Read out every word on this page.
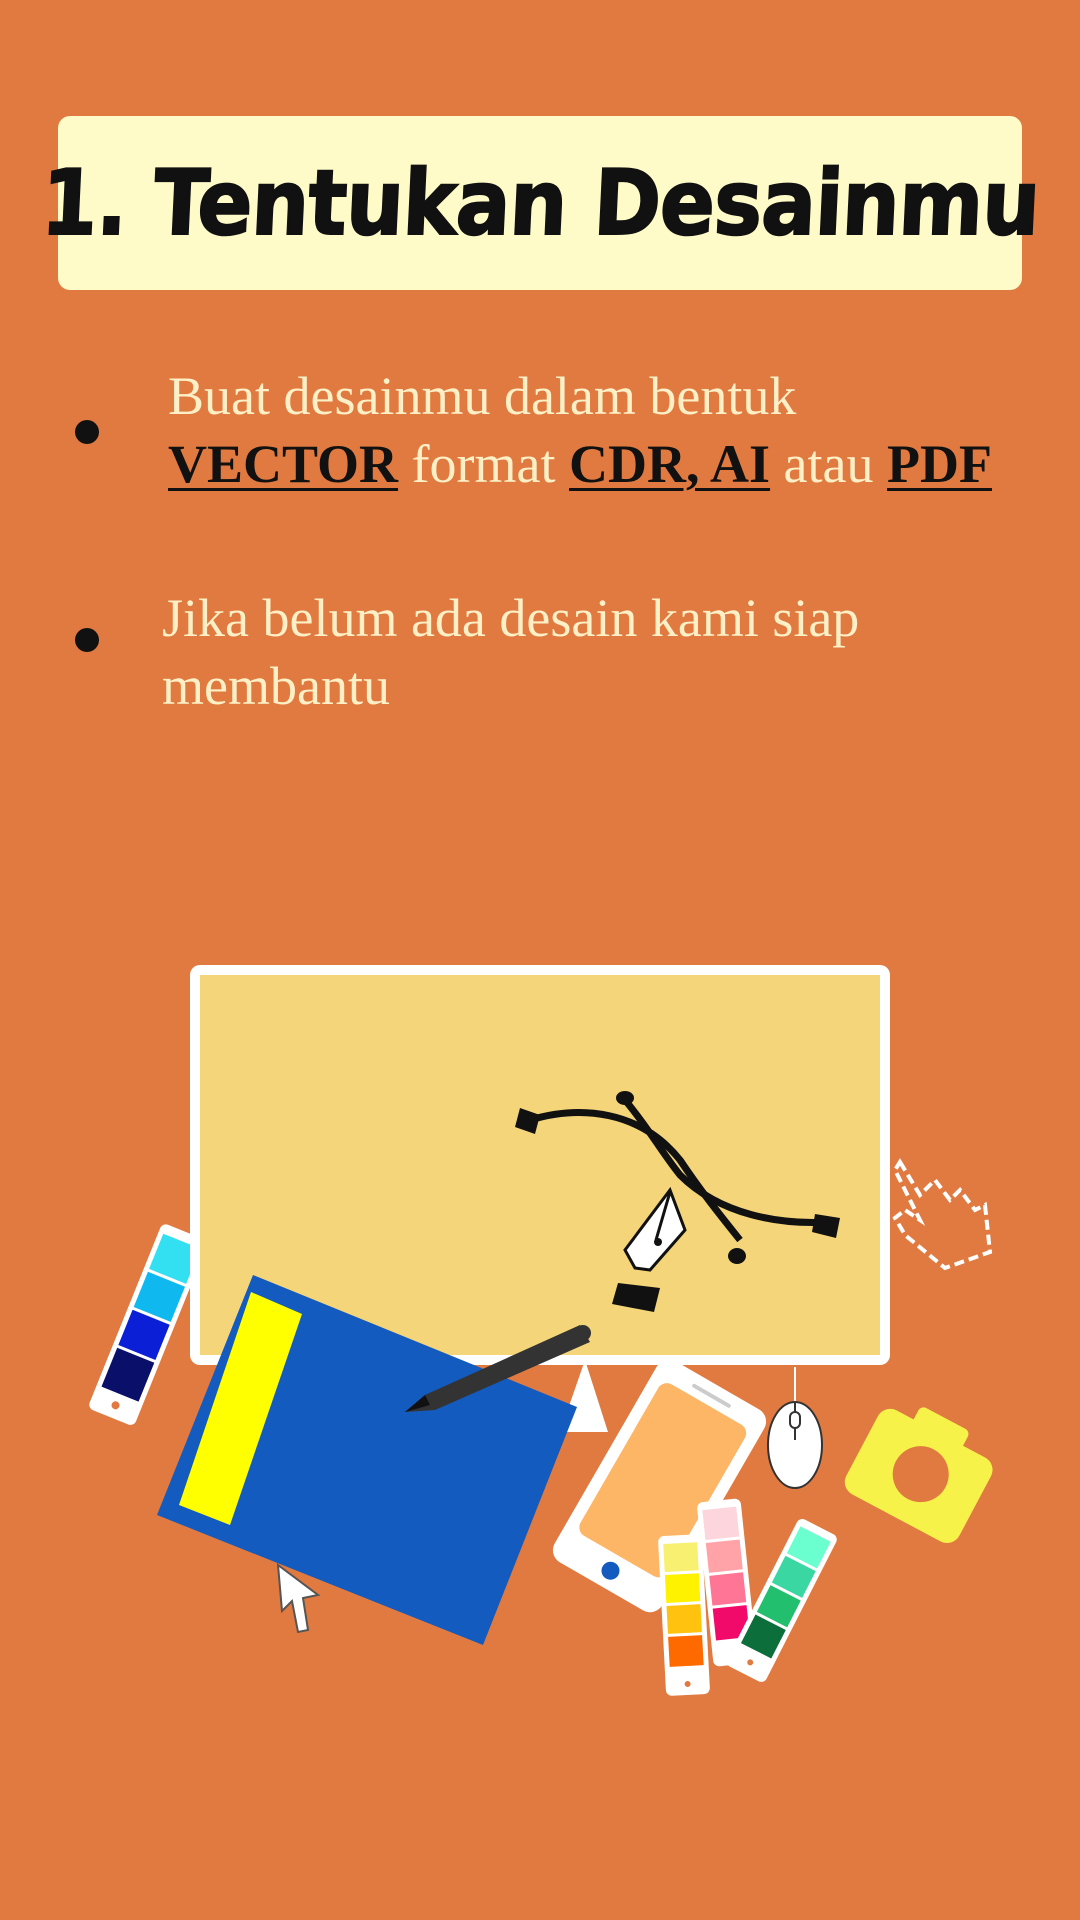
1. Tentukan Desainmu
Buat desainmu dalam bentuk
VECTOR format CDR, AI atau PDF
Jika belum ada desain kami siap
membantu
